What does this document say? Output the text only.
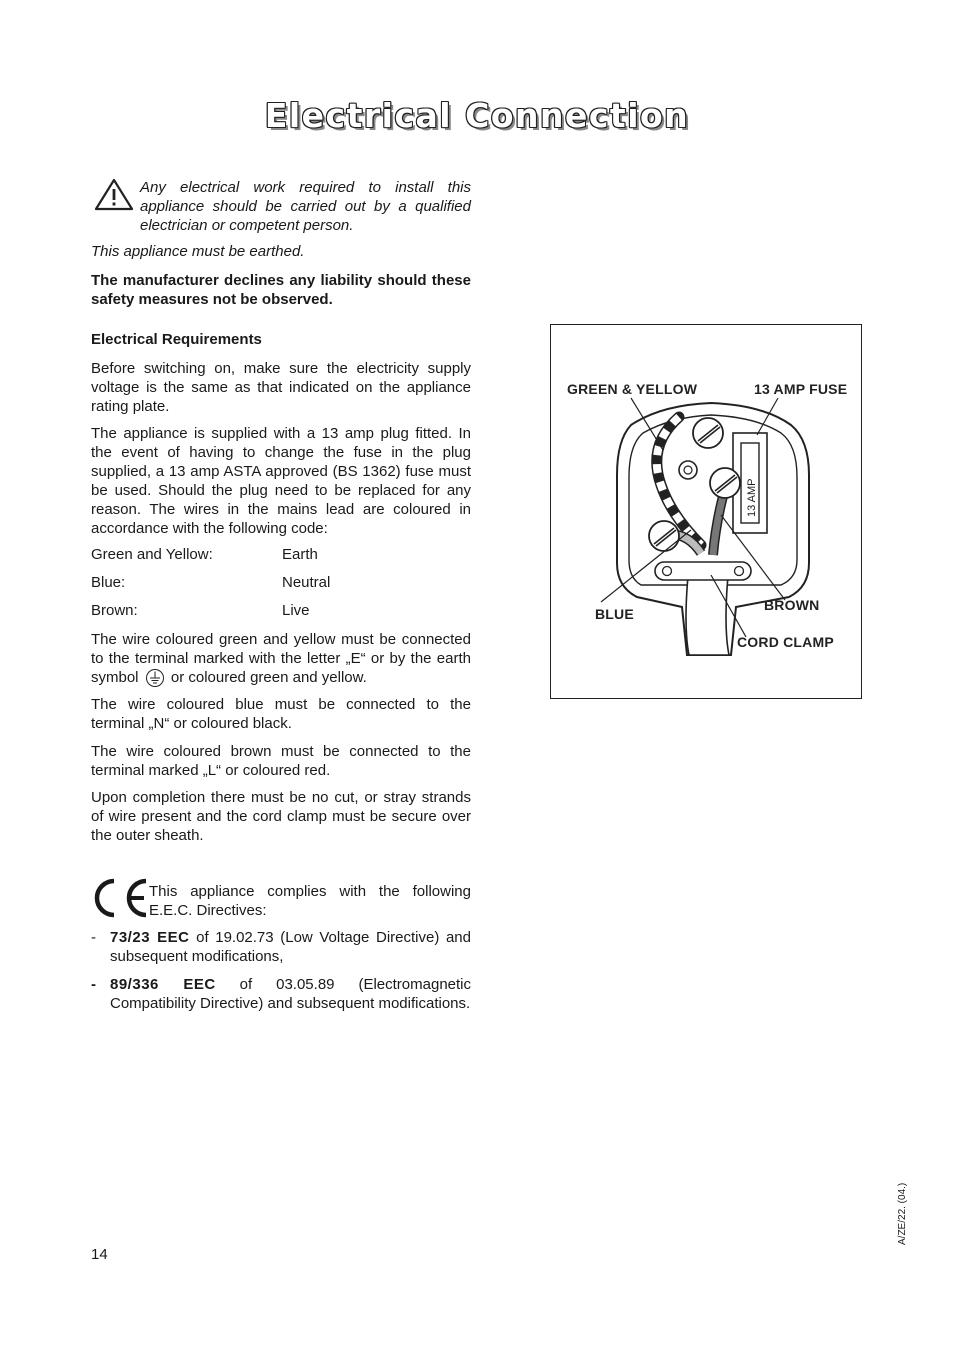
Electrical Connection
Any electrical work required to install this appliance should be carried out by a qualified electrician or competent person.
This appliance must be earthed.
The manufacturer declines any liability should these safety measures not be observed.
Electrical Requirements
Before switching on, make sure the electricity supply voltage is the same as that indicated on the appliance rating plate.
The appliance is supplied with a 13 amp plug fitted. In the event of having to change the fuse in the plug supplied, a 13 amp ASTA approved (BS 1362) fuse must be used. Should the plug need to be replaced for any reason. The wires in the mains lead are coloured in accordance with the following code:
Green and Yellow:	Earth
Blue:	Neutral
Brown:	Live
The wire coloured green and yellow must be connected to the terminal marked with the letter „E“ or by the earth symbol or coloured green and yellow.
The wire coloured blue must be connected to the terminal „N“ or coloured black.
The wire coloured brown must be connected to the terminal marked „L“ or coloured red.
Upon completion there must be no cut, or stray strands of wire present and the cord clamp must be secure over the outer sheath.
This appliance complies with the following E.E.C. Directives:
- 73/23 EEC of 19.02.73 (Low Voltage Directive) and subsequent modifications,
- 89/336 EEC of 03.05.89 (Electromagnetic Compatibility Directive) and subsequent modifications.
14
A/ZE/22. (04.)
13 AMP
GREEN & YELLOW	13 AMP FUSE
BLUE
BROWN
CORD CLAMP
